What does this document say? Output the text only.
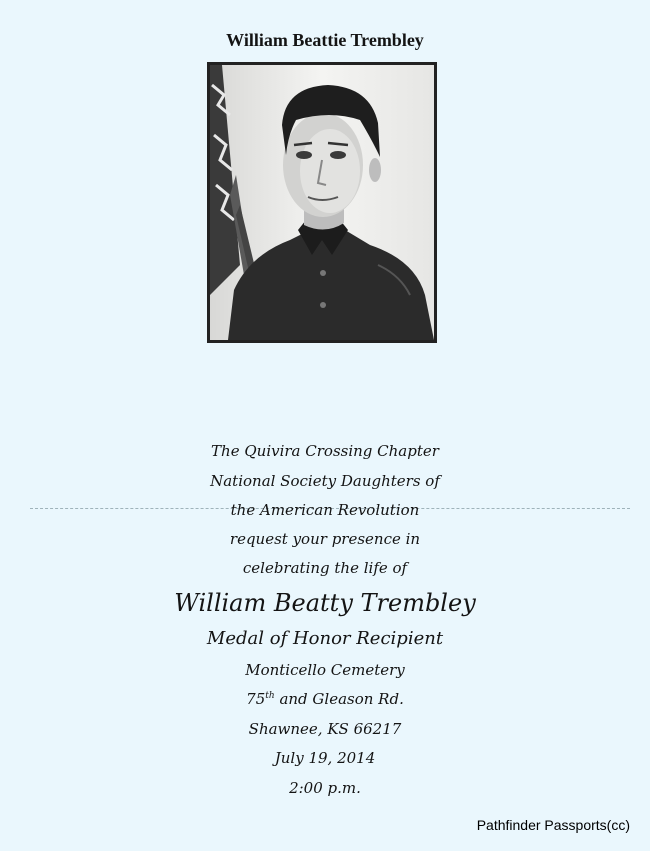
William Beattie Trembley
The Quivira Crossing Chapter
National Society Daughters of
the American Revolution
request your presence in
celebrating the life of
William Beatty Trembley
Medal of Honor Recipient
Monticello Cemetery
75th and Gleason Rd.
Shawnee, KS 66217
July 19, 2014
2:00 p.m.
Pathfinder Passports(cc)
